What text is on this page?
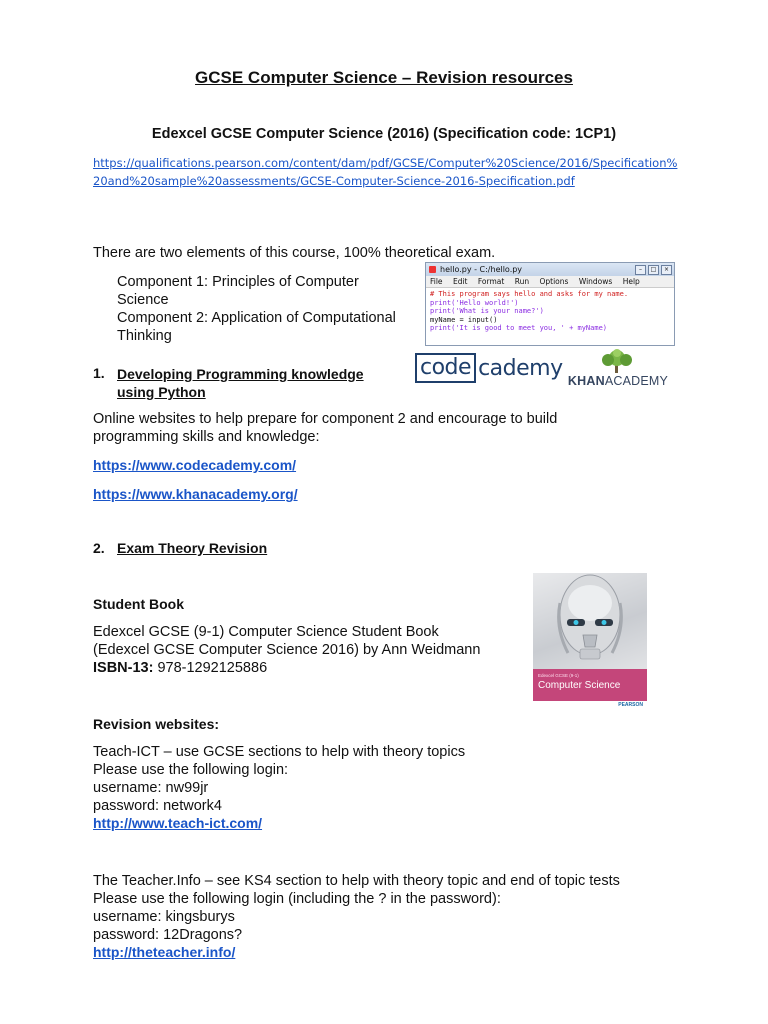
GCSE Computer Science – Revision resources
Edexcel GCSE Computer Science (2016) (Specification code: 1CP1)
https://qualifications.pearson.com/content/dam/pdf/GCSE/Computer%20Science/2016/Specification%20and%20sample%20assessments/GCSE-Computer-Science-2016-Specification.pdf
There are two elements of this course, 100% theoretical exam.
Component 1: Principles of Computer Science
Component 2: Application of Computational Thinking
hello.py - C:/hello.py	–	□	×
File Edit Format Run Options Windows Help
# This program says hello and asks for my name.
print('Hello world!')
print('What is your name?')
myName = input()
print('It is good to meet you, ' + myName)
1. Developing Programming knowledge
using Python
code cademy
KHANACADEMY
Online websites to help prepare for component 2 and encourage to build programming skills and knowledge:
https://www.codecademy.com/
https://www.khanacademy.org/
2. Exam Theory Revision
Student Book
Edexcel GCSE (9-1) Computer Science Student Book
(Edexcel GCSE Computer Science 2016) by Ann Weidmann
ISBN-13: 978-1292125886	Edexcel GCSE (9-1)
Computer Science
PEARSON
Revision websites:
Teach-ICT – use GCSE sections to help with theory topics
Please use the following login:
username: nw99jr
password: network4
http://www.teach-ict.com/
The Teacher.Info – see KS4 section to help with theory topic and end of topic tests
Please use the following login (including the ? in the password):
username: kingsburys
password: 12Dragons?
http://theteacher.info/
